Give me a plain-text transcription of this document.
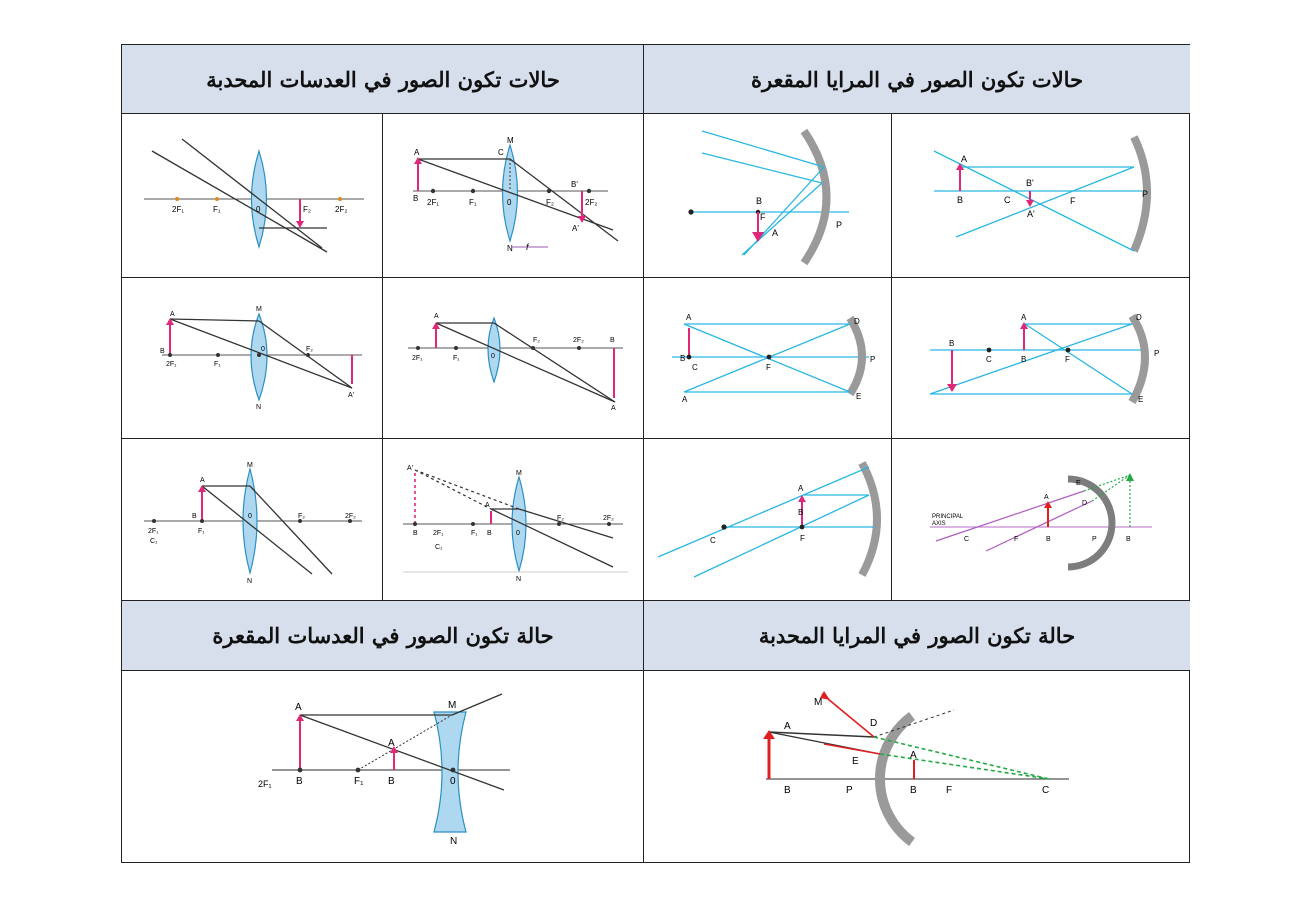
حالات تكون الصور في العدسات المحدبة	حالات تكون الصور في المرايا المقعرة
حالة تكون الصور في العدسات المقعرة	حالة تكون الصور في المرايا المحدبة
2F₁	F₁	0	F₂	2F₂
A
B
M
N
C
2F₁	F₁	0	F₂	2F₂
B'
A'
f
B
F
A
P
A
B	C
B'
A'
F
P
A
B
2F₁	F₁
0	F₂
M
N
A'
A
2F₁	F₁	0
F₂	2F₂	B
A
A
B
C	F
A
D
P
E
A
B
B
C	F
D
P
E
A
B
2F₁	F₁
0	F₂	2F₂
C₁
M
N
A'
B 2F₁	F₁ B
A
0
F₂	2F₂
C₁
M
N
A
B
F
C
PRINCIPAL
AXIS
C	F	B	P	B
A
E
D
A
B
2F₁	F₁ B
A
0
M
N
A
B
M
D
E
P
A
B	F	C
